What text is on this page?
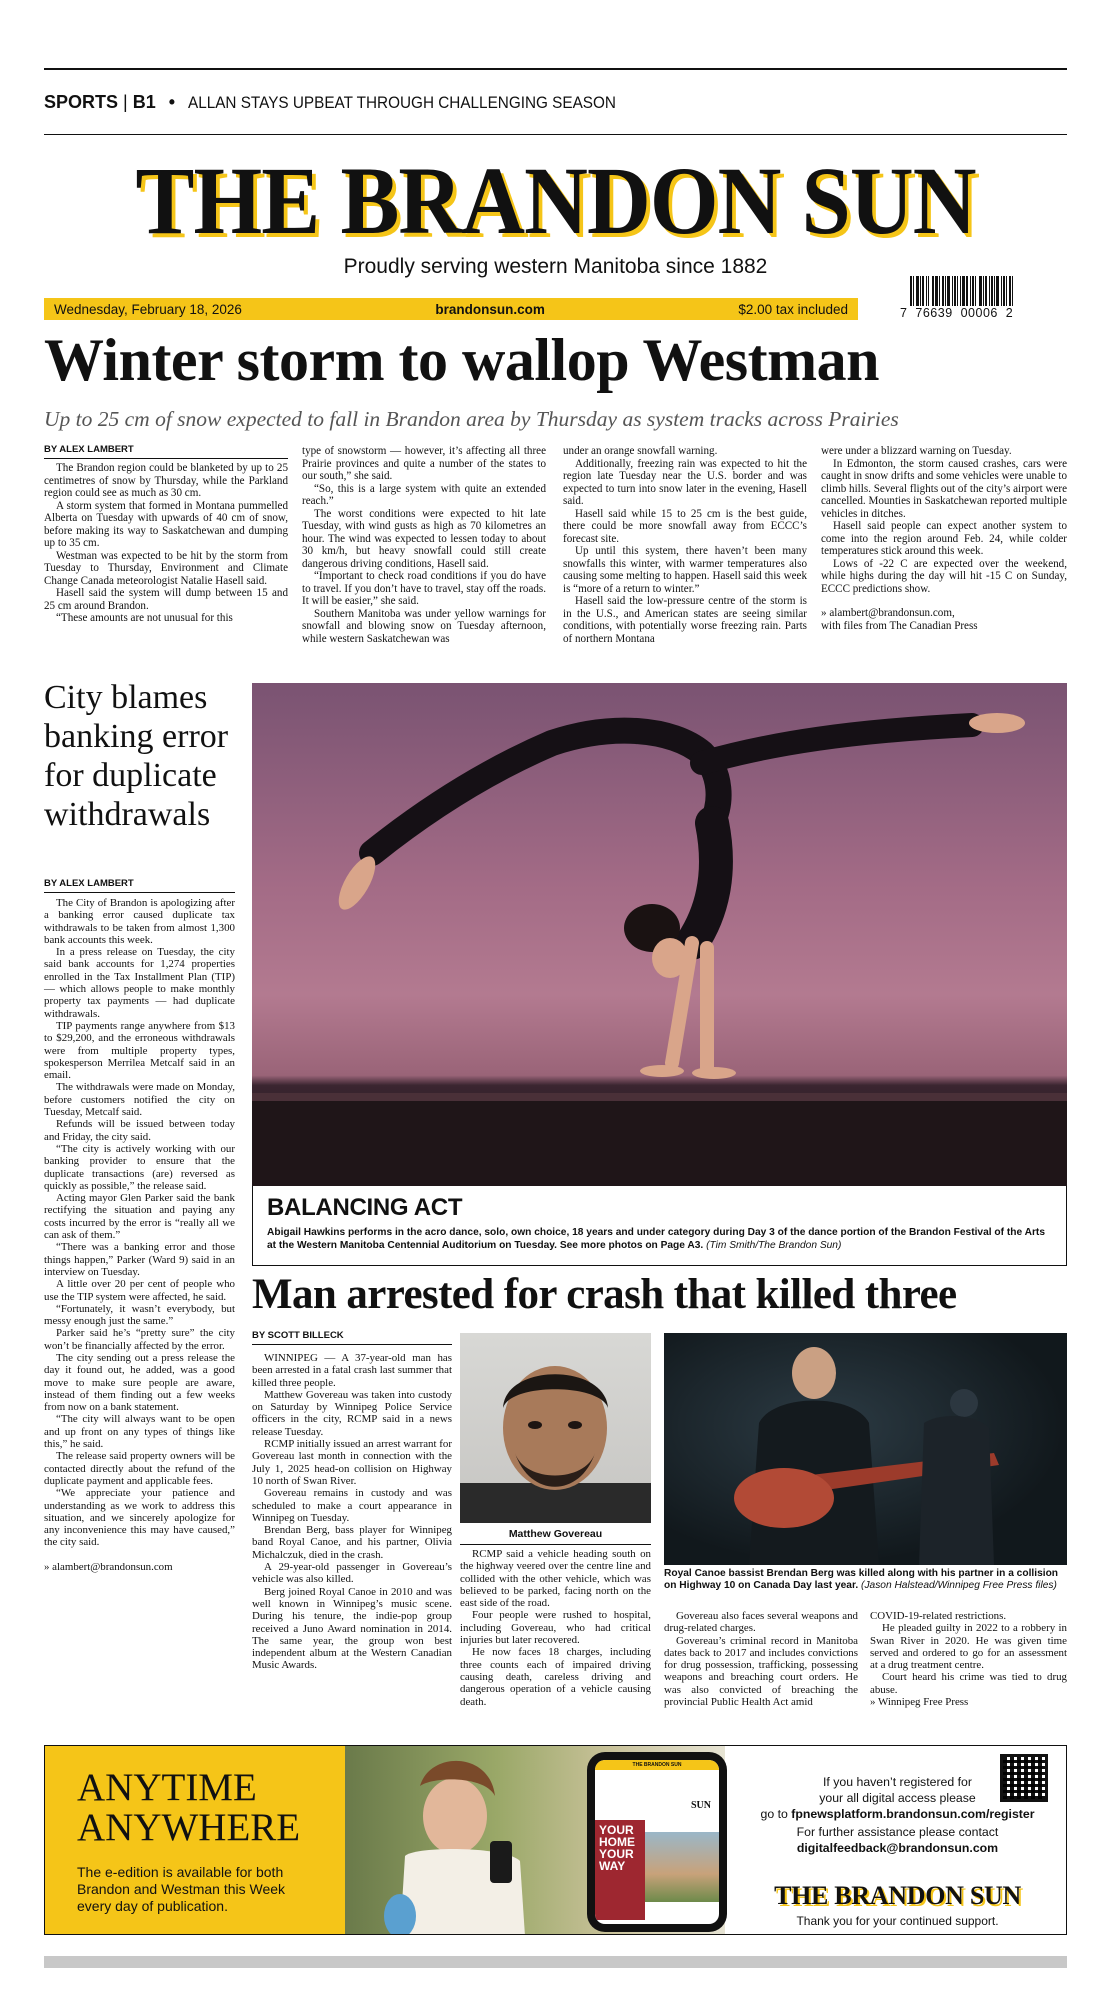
SPORTS | B1 • ALLAN STAYS UPBEAT THROUGH CHALLENGING SEASON
THE BRANDON SUN
Proudly serving western Manitoba since 1882
Wednesday, February 18, 2026	brandonsun.com	$2.00 tax included	7  76639  00006  2
Winter storm to wallop Westman
Up to 25 cm of snow expected to fall in Brandon area by Thursday as system tracks across Prairies
BY ALEX LAMBERT

The Brandon region could be blanketed by up to 25 centimetres of snow by Thursday, while the Parkland region could see as much as 30 cm.

A storm system that formed in Montana pummelled Alberta on Tuesday with upwards of 40 cm of snow, before making its way to Saskatchewan and dumping up to 35 cm.

Westman was expected to be hit by the storm from Tuesday to Thursday, Environment and Climate Change Canada meteorologist Natalie Hasell said.

Hasell said the system will dump between 15 and 25 cm around Brandon.

“These amounts are not unusual for this

type of snowstorm — however, it’s affecting all three Prairie provinces and quite a number of the states to our south,” she said.

“So, this is a large system with quite an extended reach.”

The worst conditions were expected to hit late Tuesday, with wind gusts as high as 70 kilometres an hour. The wind was expected to lessen today to about 30 km/h, but heavy snowfall could still create dangerous driving conditions, Hasell said.

“Important to check road conditions if you do have to travel. If you don’t have to travel, stay off the roads. It will be easier,” she said.

Southern Manitoba was under yellow warnings for snowfall and blowing snow on Tuesday afternoon, while western Saskatchewan was

under an orange snowfall warning.

Additionally, freezing rain was expected to hit the region late Tuesday near the U.S. border and was expected to turn into snow later in the evening, Hasell said.

Hasell said while 15 to 25 cm is the best guide, there could be more snowfall away from ECCC’s forecast site.

Up until this system, there haven’t been many snowfalls this winter, with warmer temperatures also causing some melting to happen. Hasell said this week is “more of a return to winter.”

Hasell said the low-pressure centre of the storm is in the U.S., and American states are seeing similar conditions, with potentially worse freezing rain. Parts of northern Montana

were under a blizzard warning on Tuesday.

In Edmonton, the storm caused crashes, cars were caught in snow drifts and some vehicles were unable to climb hills. Several flights out of the city’s airport were cancelled. Mounties in Saskatchewan reported multiple vehicles in ditches.

Hasell said people can expect another system to come into the region around Feb. 24, while colder temperatures stick around this week.

Lows of -22 C are expected over the weekend, while highs during the day will hit -15 C on Sunday, ECCC predictions show.

» alambert@brandonsun.com,

with files from The Canadian Press

City blames banking error for duplicate withdrawals
BY ALEX LAMBERT

The City of Brandon is apologizing after a banking error caused duplicate tax withdrawals to be taken from almost 1,300 bank accounts this week.

In a press release on Tuesday, the city said bank accounts for 1,274 properties enrolled in the Tax Installment Plan (TIP) — which allows people to make monthly property tax payments — had duplicate withdrawals.

TIP payments range anywhere from $13 to $29,200, and the erroneous withdrawals were from multiple property types, spokesperson Merrilea Metcalf said in an email.

The withdrawals were made on Monday, before customers notified the city on Tuesday, Metcalf said.

Refunds will be issued between today and Friday, the city said.

“The city is actively working with our banking provider to ensure that the duplicate transactions (are) reversed as quickly as possible,” the release said.

Acting mayor Glen Parker said the bank rectifying the situation and paying any costs incurred by the error is “really all we can ask of them.”

“There was a banking error and those things happen,” Parker (Ward 9) said in an interview on Tuesday.

A little over 20 per cent of people who use the TIP system were affected, he said.

“Fortunately, it wasn’t everybody, but messy enough just the same.”

Parker said he’s “pretty sure” the city won’t be financially affected by the error.

The city sending out a press release the day it found out, he added, was a good move to make sure people are aware, instead of them finding out a few weeks from now on a bank statement.

“The city will always want to be open and up front on any types of things like this,” he said.

The release said property owners will be contacted directly about the refund of the duplicate payment and applicable fees.

“We appreciate your patience and understanding as we work to address this situation, and we sincerely apologize for any inconvenience this may have caused,” the city said.

» alambert@brandonsun.com

BALANCING ACT
Abigail Hawkins performs in the acro dance, solo, own choice, 18 years and under category during Day 3 of the dance portion of the Brandon Festival of the Arts at the Western Manitoba Centennial Auditorium on Tuesday. See more photos on Page A3. (Tim Smith/The Brandon Sun)
Man arrested for crash that killed three
BY SCOTT BILLECK

WINNIPEG — A 37-year-old man has been arrested in a fatal crash last summer that killed three people.

Matthew Govereau was taken into custody on Saturday by Winnipeg Police Service officers in the city, RCMP said in a news release Tuesday.

RCMP initially issued an arrest warrant for Govereau last month in connection with the July 1, 2025 head-on collision on Highway 10 north of Swan River.

Govereau remains in custody and was scheduled to make a court appearance in Winnipeg on Tuesday.

Brendan Berg, bass player for Winnipeg band Royal Canoe, and his partner, Olivia Michalczuk, died in the crash.

A 29-year-old passenger in Govereau’s vehicle was also killed.

Berg joined Royal Canoe in 2010 and was well known in Winnipeg’s music scene. During his tenure, the indie-pop group received a Juno Award nomination in 2014. The same year, the group won best independent album at the Western Canadian Music Awards.

Matthew Govereau

RCMP said a vehicle heading south on the highway veered over the centre line and collided with the other vehicle, which was believed to be parked, facing north on the east side of the road.

Four people were rushed to hospital, including Govereau, who had critical injuries but later recovered.

He now faces 18 charges, including three counts each of impaired driving causing death, careless driving and dangerous operation of a vehicle causing death.

Royal Canoe bassist Brendan Berg was killed along with his partner in a collision on Highway 10 on Canada Day last year. (Jason Halstead/Winnipeg Free Press files)

Govereau also faces several weapons and drug-related charges.

Govereau’s criminal record in Manitoba dates back to 2017 and includes convictions for drug possession, trafficking, possessing weapons and breaching court orders. He was also convicted of breaching the provincial Public Health Act amid

COVID-19-related restrictions.

He pleaded guilty in 2022 to a robbery in Swan River in 2020. He was given time served and ordered to go for an assessment at a drug treatment centre.

Court heard his crime was tied to drug abuse.

» Winnipeg Free Press

ANYTIME
ANYWHERE
The e-edition is available for both Brandon and Westman this Week every day of publication.
THE BRANDON SUN
SUN
YOUR HOME YOUR WAY
If you haven’t registered for
your all digital access please
go to fpnewsplatform.brandonsun.com/register
For further assistance please contact
digitalfeedback@brandonsun.com
THE BRANDON SUN
Thank you for your continued support.
